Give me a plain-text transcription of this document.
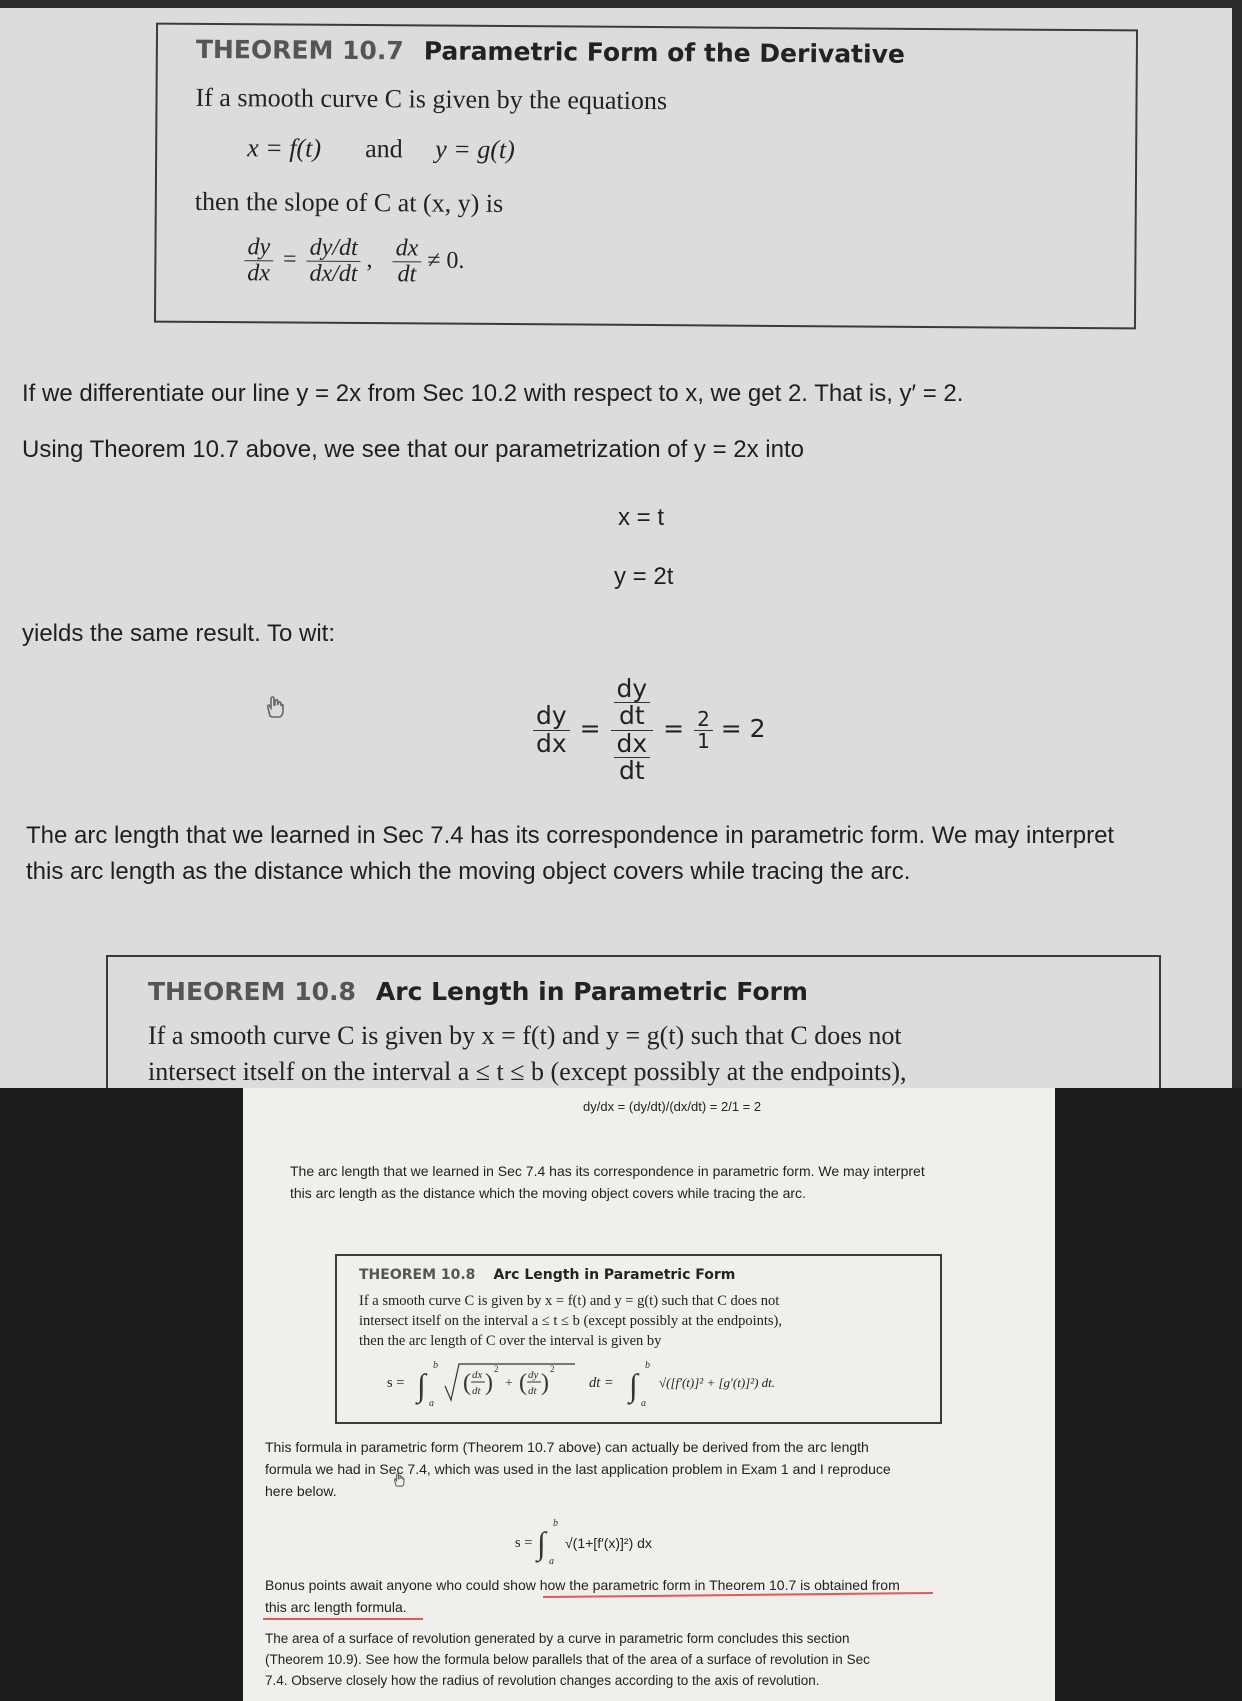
THEOREM 10.7 Parametric Form of the Derivative
If a smooth curve C is given by the equations
x = f(t) and y = g(t)
then the slope of C at (x, y) is
$\frac{dy}{dx} = \frac{dy/dt}{dx/dt}$ , $\frac{dx}{dt} \ne 0$.
If we differentiate our line y = 2x from Sec 10.2 with respect to x, we get 2. That is, y′ = 2.
Using Theorem 10.7 above, we see that our parametrization of y = 2x into
x = t
y = 2t
yields the same result. To wit:
$\frac{dy}{dx} = \frac{\frac{dy}{dt}}{\frac{dx}{dt}} = \frac{2}{1} = 2$
The arc length that we learned in Sec 7.4 has its correspondence in parametric form. We may interpret
this arc length as the distance which the moving object covers while tracing the arc.
THEOREM 10.8 Arc Length in Parametric Form
If a smooth curve C is given by x = f(t) and y = g(t) such that C does not
intersect itself on the interval a ≤ t ≤ b (except possibly at the endpoints),
dy/dx = (dy/dt)/(dx/dt) = 2/1 = 2
The arc length that we learned in Sec 7.4 has its correspondence in parametric form. We may interpret
this arc length as the distance which the moving object covers while tracing the arc.
THEOREM 10.8 Arc Length in Parametric Form
If a smooth curve C is given by x = f(t) and y = g(t) such that C does not
intersect itself on the interval a ≤ t ≤ b (except possibly at the endpoints),
then the arc length of C over the interval is given by
s = ∫
b
a
( dx
dt )
2
+ ( dy
dt )
2
dt = ∫
b
a
√([f′(t)]² + [g′(t)]²) dt.
This formula in parametric form (Theorem 10.7 above) can actually be derived from the arc length
formula we had in Sec 7.4, which was used in the last application problem in Exam 1 and I reproduce
here below.
s = ∫
b
a
√(1+[f′(x)]²) dx
Bonus points await anyone who could show how the parametric form in Theorem 10.7 is obtained from
this arc length formula.
The area of a surface of revolution generated by a curve in parametric form concludes this section
(Theorem 10.9). See how the formula below parallels that of the area of a surface of revolution in Sec
7.4. Observe closely how the radius of revolution changes according to the axis of revolution.
